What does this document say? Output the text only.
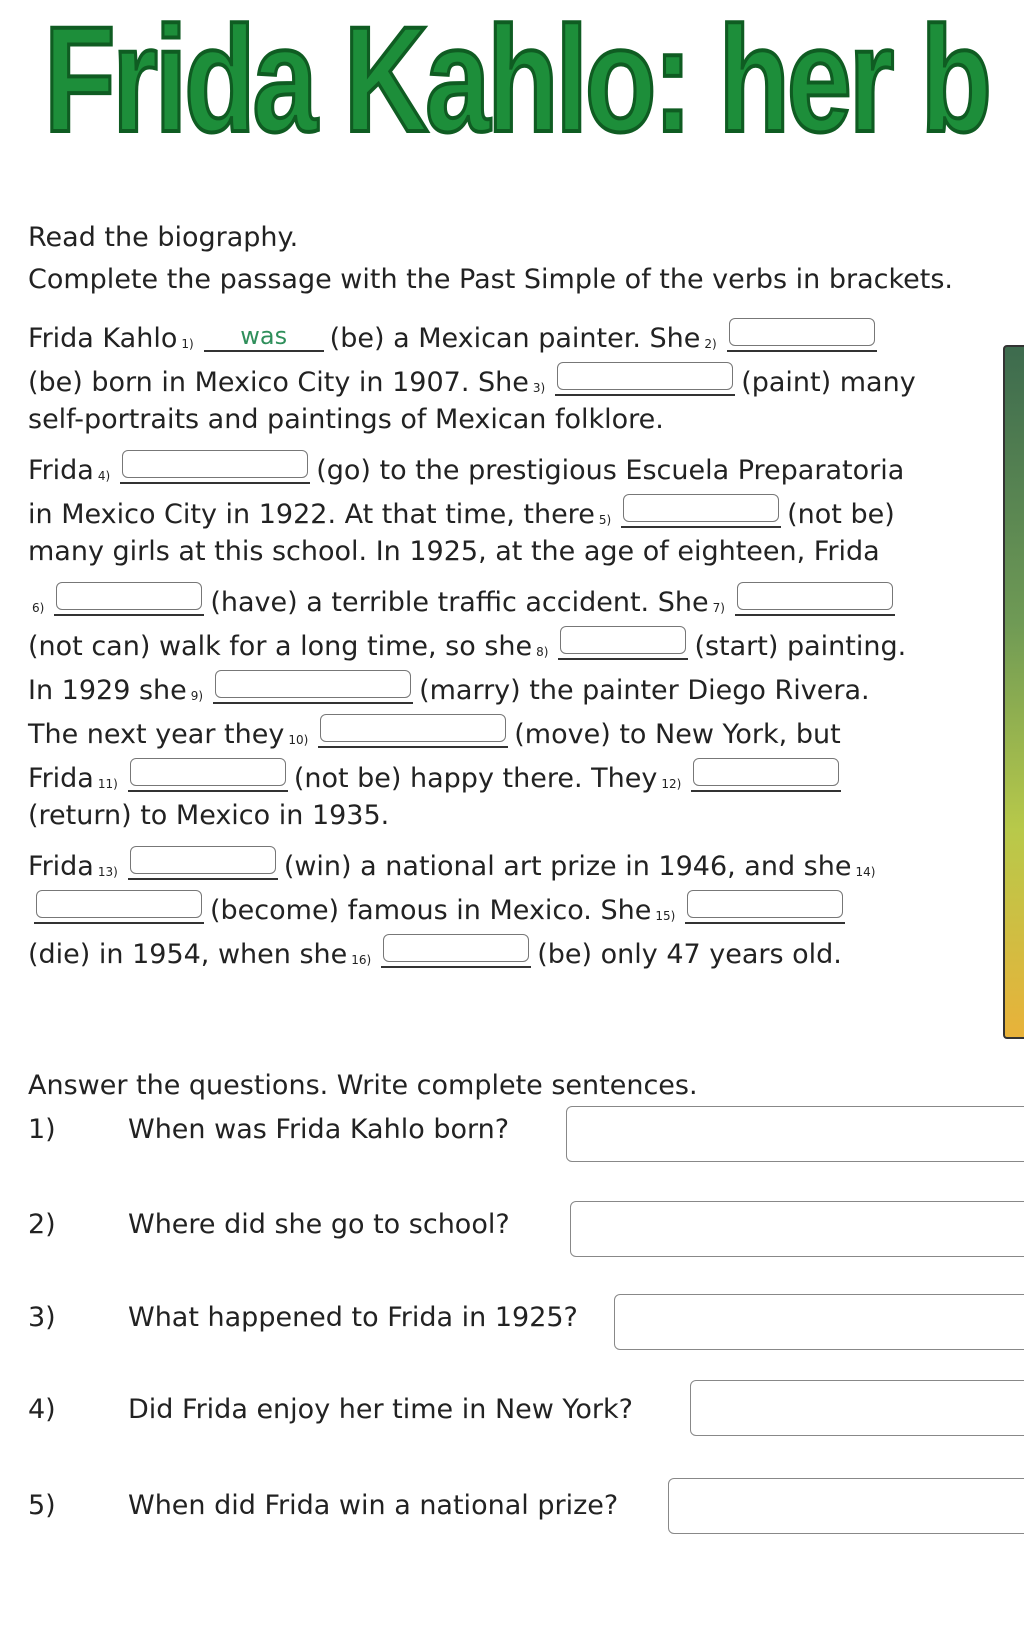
Frida Kahlo: her b
Read the biography.
Complete the passage with the Past Simple of the verbs in brackets.
Frida Kahlo 1)	was	(be) a Mexican painter. She 2)
(be) born in Mexico City in 1907. She 3)	(paint) many
self-portraits and paintings of Mexican folklore.
Frida 4)	(go) to the prestigious Escuela Preparatoria
in Mexico City in 1922. At that time, there 5)	(not be)
many girls at this school. In 1925, at the age of eighteen, Frida
6)	(have) a terrible traffic accident. She 7)
(not can) walk for a long time, so she 8)	(start) painting.
In 1929 she 9)	(marry) the painter Diego Rivera.
The next year they 10)	(move) to New York, but
Frida 11)	(not be) happy there. They 12)
(return) to Mexico in 1935.
Frida 13)	(win) a national art prize in 1946, and she 14)
(become) famous in Mexico. She 15)
(die) in 1954, when she 16)	(be) only 47 years old.
Answer the questions. Write complete sentences.
1)	When was Frida Kahlo born?
2)	Where did she go to school?
3)	What happened to Frida in 1925?
4)	Did Frida enjoy her time in New York?
5)	When did Frida win a national prize?
